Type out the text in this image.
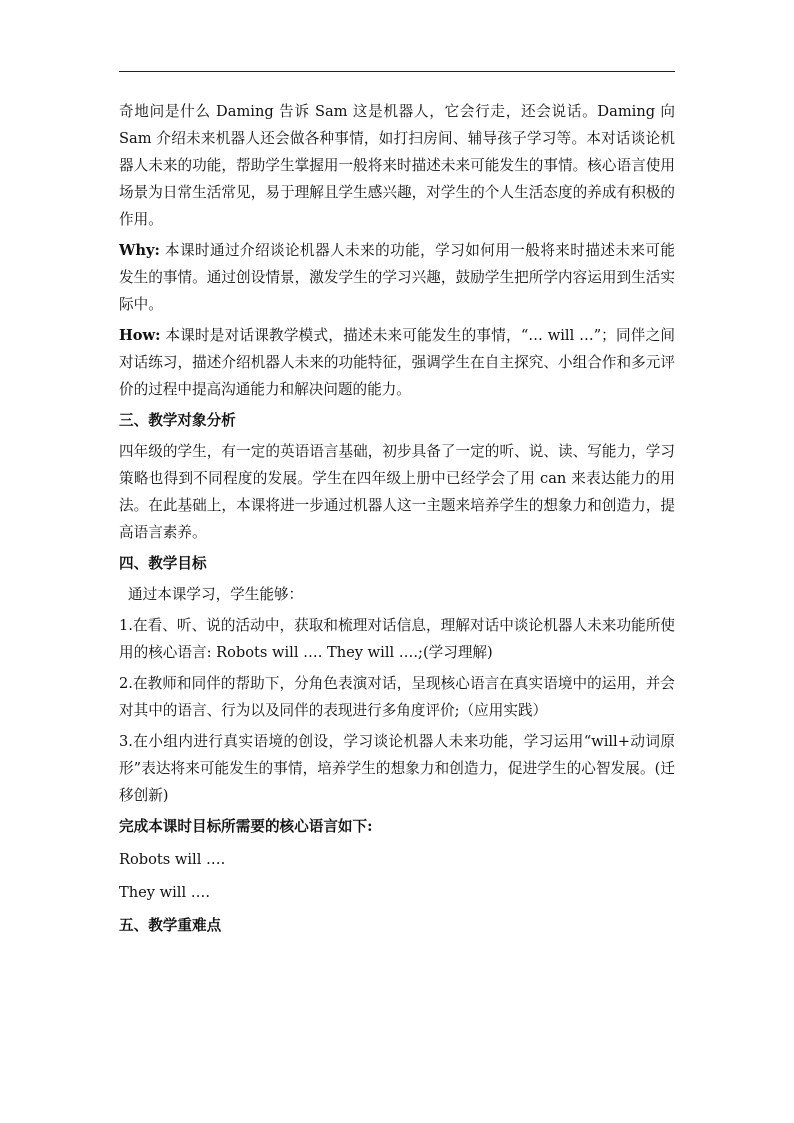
奇地问是什么 Daming 告诉 Sam 这是机器人，它会行走，还会说话。Daming 向 Sam 介绍未来机器人还会做各种事情，如打扫房间、辅导孩子学习等。本对话谈论机器人未来的功能，帮助学生掌握用一般将来时描述未来可能发生的事情。核心语言使用场景为日常生活常见，易于理解且学生感兴趣，对学生的个人生活态度的养成有积极的作用。

Why: 本课时通过介绍谈论机器人未来的功能，学习如何用一般将来时描述未来可能发生的事情。通过创设情景，激发学生的学习兴趣，鼓励学生把所学内容运用到生活实际中。

How: 本课时是对话课教学模式，描述未来可能发生的事情，“… will …”；同伴之间对话练习，描述介绍机器人未来的功能特征，强调学生在自主探究、小组合作和多元评价的过程中提高沟通能力和解决问题的能力。

三、教学对象分析

四年级的学生，有一定的英语语言基础，初步具备了一定的听、说、读、写能力，学习策略也得到不同程度的发展。学生在四年级上册中已经学会了用 can 来表达能力的用法。在此基础上，本课将进一步通过机器人这一主题来培养学生的想象力和创造力，提高语言素养。

四、教学目标

通过本课学习，学生能够：

1.在看、听、说的活动中，获取和梳理对话信息，理解对话中谈论机器人未来功能所使用的核心语言: Robots will …. They will ….;(学习理解)

2.在教师和同伴的帮助下，分角色表演对话，呈现核心语言在真实语境中的运用，并会对其中的语言、行为以及同伴的表现进行多角度评价;（应用实践）

3.在小组内进行真实语境的创设，学习谈论机器人未来功能，学习运用“will+动词原形”表达将来可能发生的事情，培养学生的想象力和创造力，促进学生的心智发展。(迁移创新)

完成本课时目标所需要的核心语言如下:

Robots will ….

They will ….

五、教学重难点
